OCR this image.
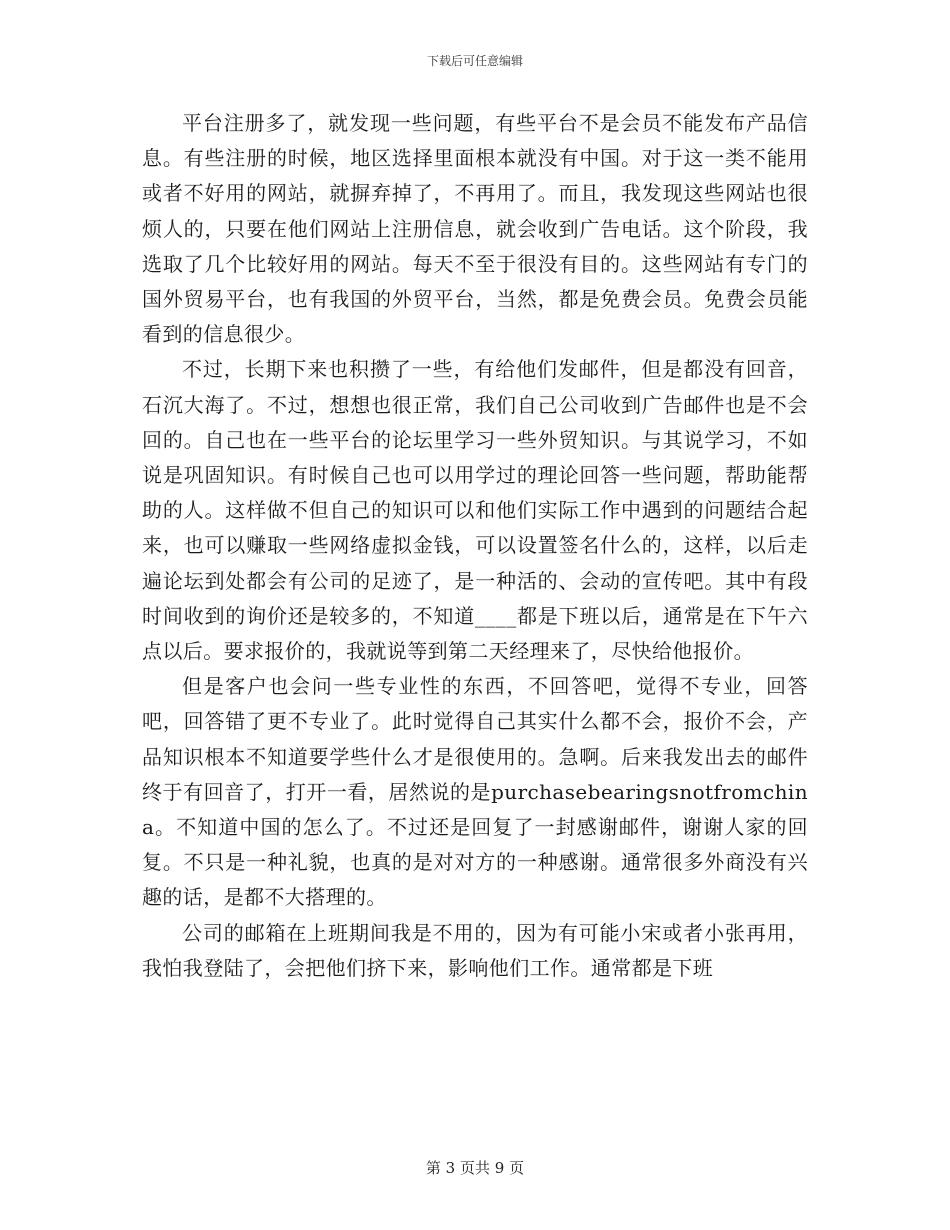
下载后可任意编辑

平台注册多了，就发现一些问题，有些平台不是会员不能发布产品信息。有些注册的时候，地区选择里面根本就没有中国。对于这一类不能用或者不好用的网站，就摒弃掉了，不再用了。而且，我发现这些网站也很烦人的，只要在他们网站上注册信息，就会收到广告电话。这个阶段，我选取了几个比较好用的网站。每天不至于很没有目的。这些网站有专门的国外贸易平台，也有我国的外贸平台，当然，都是免费会员。免费会员能看到的信息很少。

不过，长期下来也积攒了一些，有给他们发邮件，但是都没有回音，石沉大海了。不过，想想也很正常，我们自己公司收到广告邮件也是不会回的。自己也在一些平台的论坛里学习一些外贸知识。与其说学习，不如说是巩固知识。有时候自己也可以用学过的理论回答一些问题，帮助能帮助的人。这样做不但自己的知识可以和他们实际工作中遇到的问题结合起来，也可以赚取一些网络虚拟金钱，可以设置签名什么的，这样，以后走遍论坛到处都会有公司的足迹了，是一种活的、会动的宣传吧。其中有段时间收到的询价还是较多的，不知道____都是下班以后，通常是在下午六点以后。要求报价的，我就说等到第二天经理来了，尽快给他报价。

但是客户也会问一些专业性的东西，不回答吧，觉得不专业，回答吧，回答错了更不专业了。此时觉得自己其实什么都不会，报价不会，产品知识根本不知道要学些什么才是很使用的。急啊。后来我发出去的邮件终于有回音了，打开一看，居然说的是purchasebearingsnotfromchina。不知道中国的怎么了。不过还是回复了一封感谢邮件，谢谢人家的回复。不只是一种礼貌，也真的是对对方的一种感谢。通常很多外商没有兴趣的话，是都不大搭理的。

公司的邮箱在上班期间我是不用的，因为有可能小宋或者小张再用，我怕我登陆了，会把他们挤下来，影响他们工作。通常都是下班

第 3 页共 9 页
